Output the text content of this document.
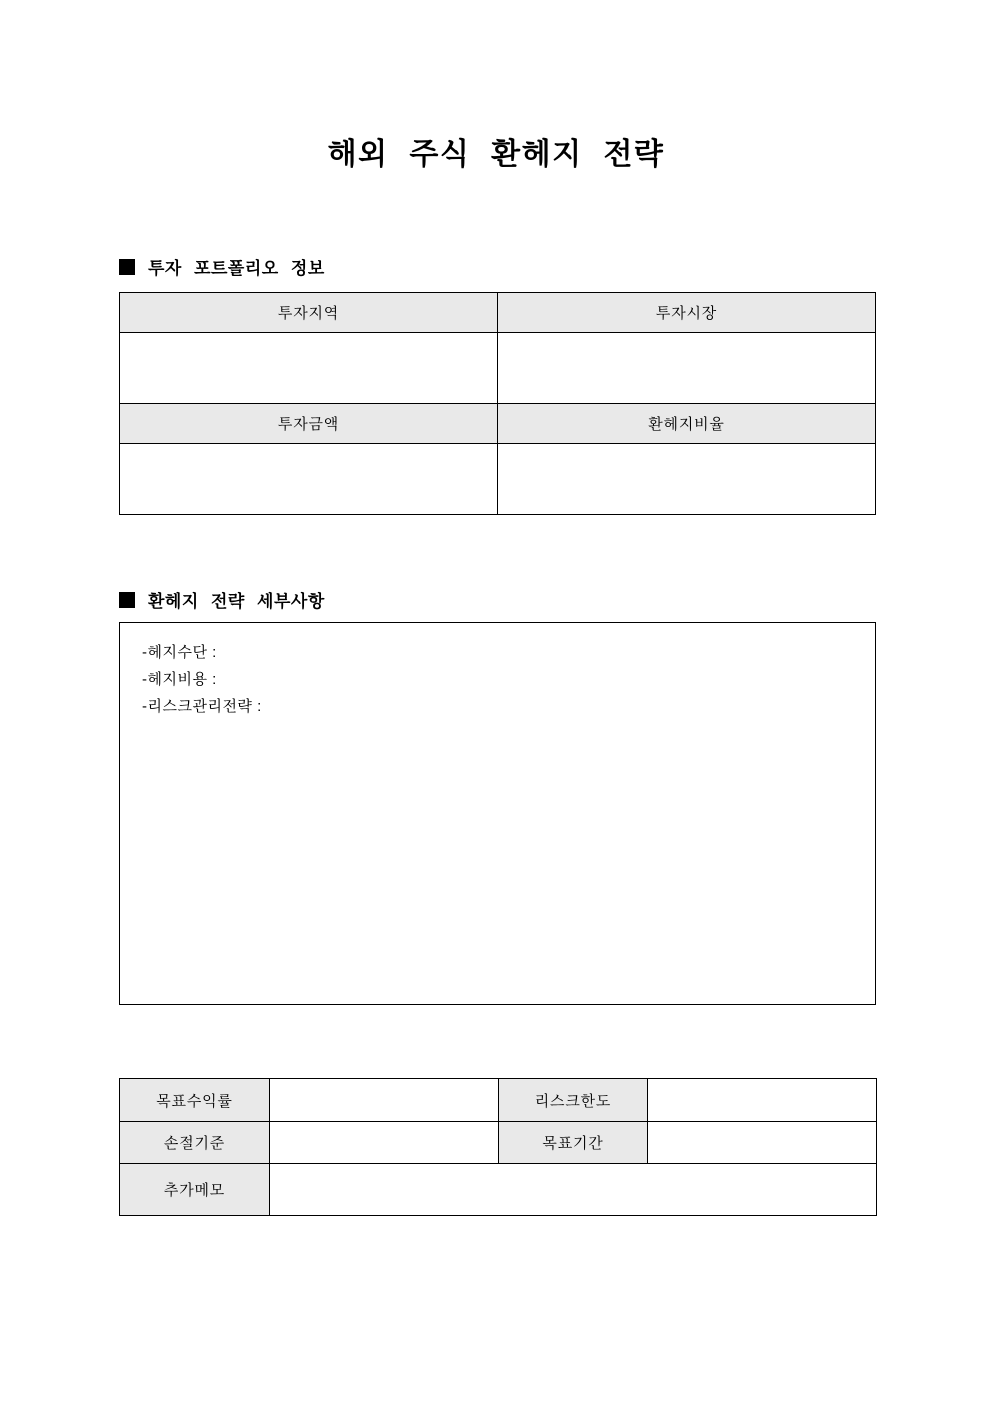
해외 주식 환헤지 전략
투자 포트폴리오 정보
투자지역	투자시장

투자금액	환헤지비율

환헤지 전략 세부사항
-헤지수단 :
-헤지비용 :
-리스크관리전략 :
목표수익률		리스크한도	
손절기준		목표기간	
추가메모			
